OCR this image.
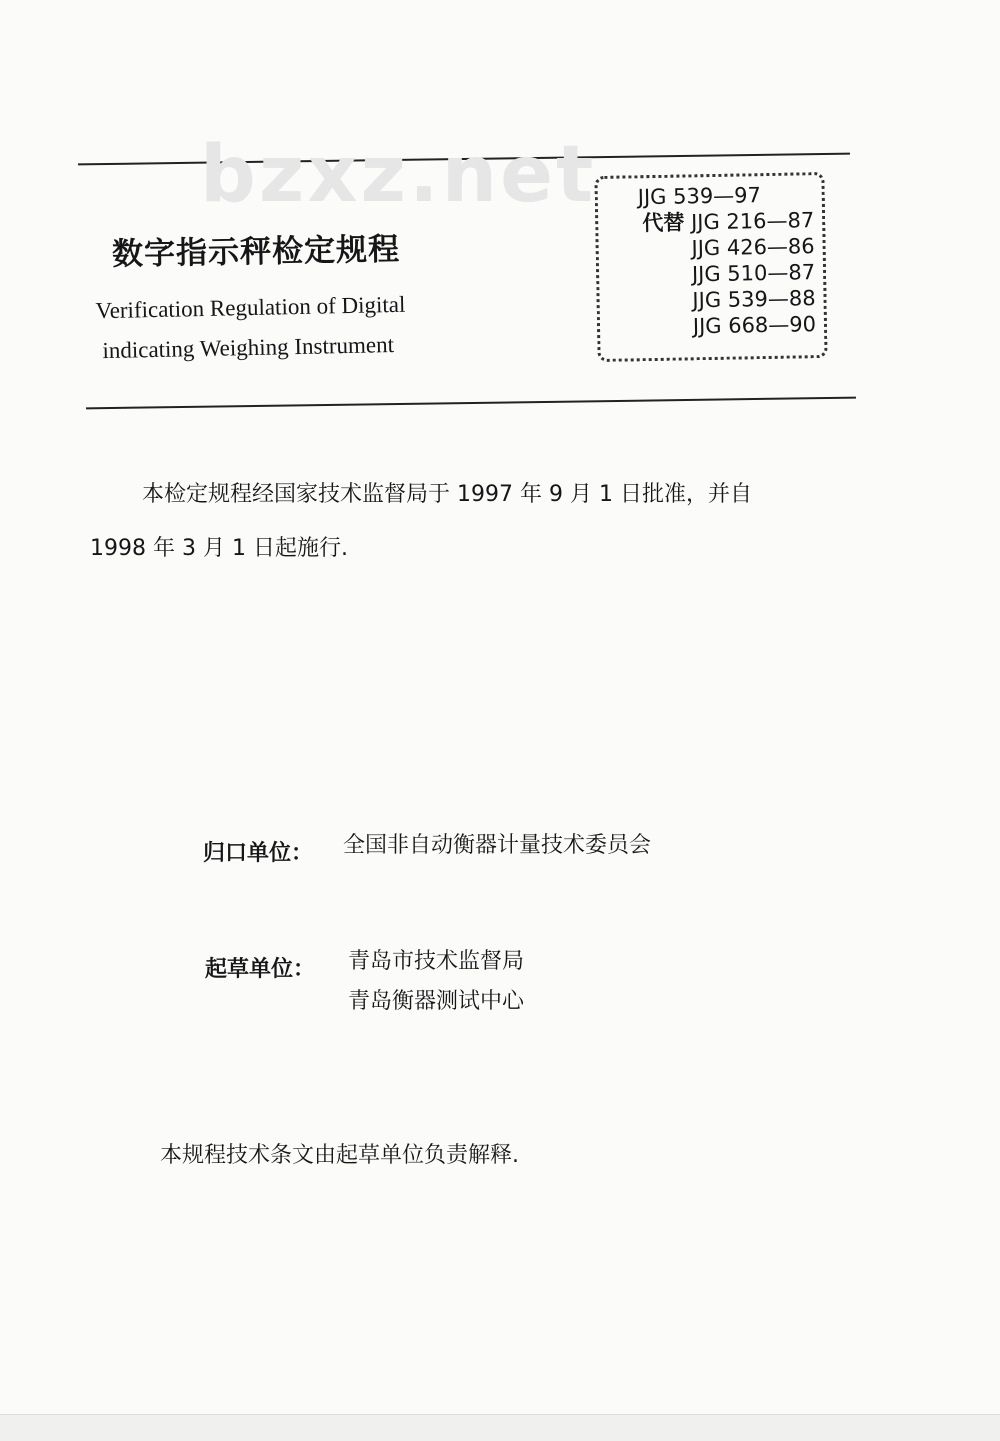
bzxz.net
数字指示秤检定规程
Verification Regulation of Digital
indicating Weighing Instrument
JJG 539—97
代替 JJG 216—87
JJG 426—86
JJG 510—87
JJG 539—88
JJG 668—90
本检定规程经国家技术监督局于 1997 年 9 月 1 日批准，并自
1998 年 3 月 1 日起施行.
归口单位： 全国非自动衡器计量技术委员会
起草单位： 青岛市技术监督局
青岛衡器测试中心
本规程技术条文由起草单位负责解释.
